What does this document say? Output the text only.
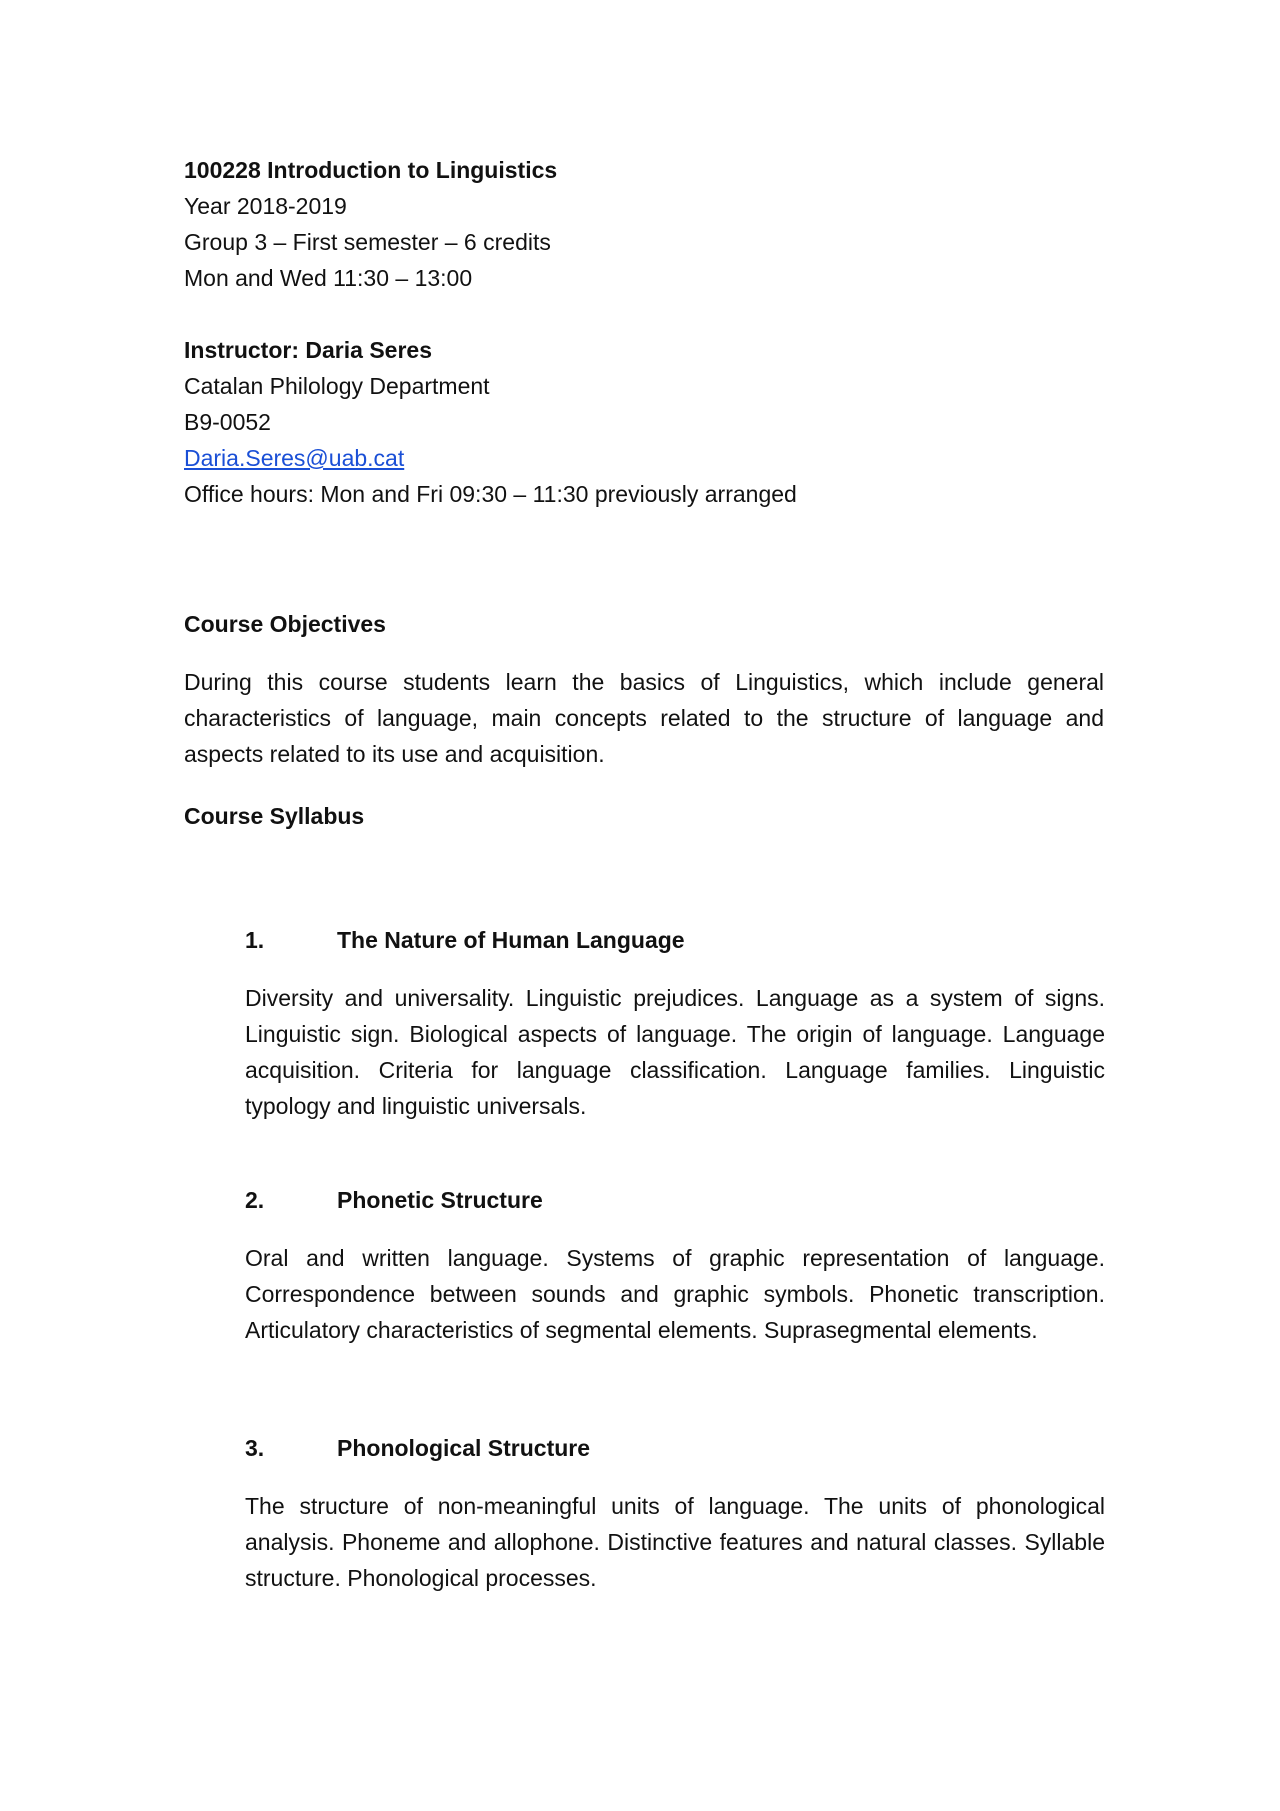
100228 Introduction to Linguistics
Year 2018-2019
Group 3 – First semester – 6 credits
Mon and Wed 11:30 – 13:00
Instructor: Daria Seres
Catalan Philology Department
B9-0052
Daria.Seres@uab.cat
Office hours: Mon and Fri 09:30 – 11:30 previously arranged
Course Objectives

During this course students learn the basics of Linguistics, which include general characteristics of language, main concepts related to the structure of language and aspects related to its use and acquisition.

Course Syllabus
1.	The Nature of Human Language

Diversity and universality. Linguistic prejudices. Language as a system of signs. Linguistic sign. Biological aspects of language. The origin of language. Language acquisition. Criteria for language classification. Language families. Linguistic typology and linguistic universals.

2.	Phonetic Structure

Oral and written language. Systems of graphic representation of language. Correspondence between sounds and graphic symbols. Phonetic transcription. Articulatory characteristics of segmental elements. Suprasegmental elements.

3.	Phonological Structure

The structure of non-meaningful units of language. The units of phonological analysis. Phoneme and allophone. Distinctive features and natural classes. Syllable structure. Phonological processes.
